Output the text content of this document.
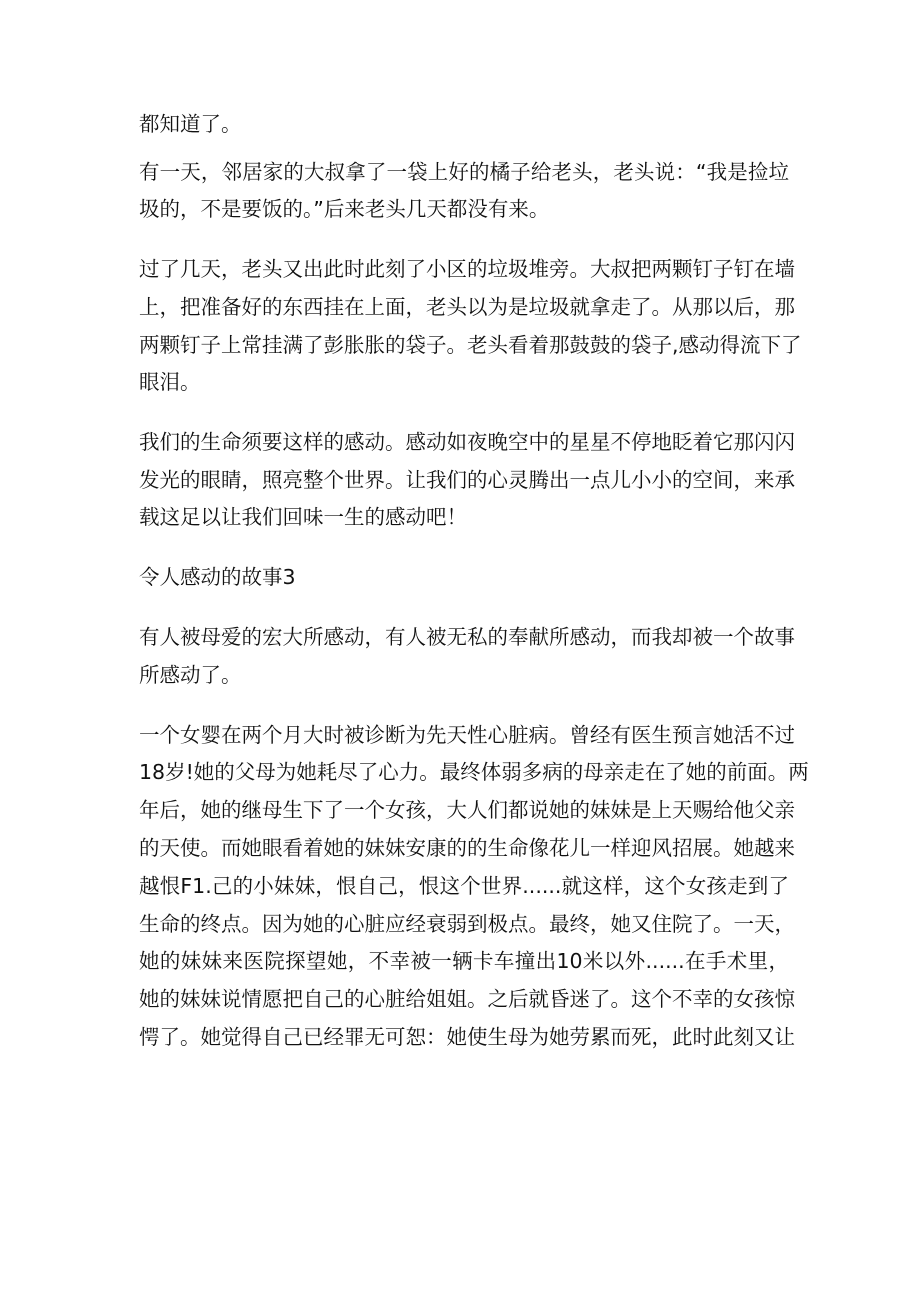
都知道了。
有一天，邻居家的大叔拿了一袋上好的橘子给老头，老头说：“我是捡垃
圾的，不是要饭的。”后来老头几天都没有来。
过了几天，老头又出此时此刻了小区的垃圾堆旁。大叔把两颗钉子钉在墙
上，把准备好的东西挂在上面，老头以为是垃圾就拿走了。从那以后，那
两颗钉子上常挂满了彭胀胀的袋子。老头看着那鼓鼓的袋子,感动得流下了
眼泪。
我们的生命须要这样的感动。感动如夜晚空中的星星不停地眨着它那闪闪
发光的眼睛，照亮整个世界。让我们的心灵腾出一点儿小小的空间，来承
载这足以让我们回味一生的感动吧！
令人感动的故事3
有人被母爱的宏大所感动，有人被无私的奉献所感动，而我却被一个故事
所感动了。
一个女婴在两个月大时被诊断为先天性心脏病。曾经有医生预言她活不过
18岁!她的父母为她耗尽了心力。最终体弱多病的母亲走在了她的前面。两
年后，她的继母生下了一个女孩，大人们都说她的妹妹是上天赐给他父亲
的天使。而她眼看着她的妹妹安康的的生命像花儿一样迎风招展。她越来
越恨F1.己的小妹妹，恨自己，恨这个世界......就这样，这个女孩走到了
生命的终点。因为她的心脏应经衰弱到极点。最终，她又住院了。一天，
她的妹妹来医院探望她，不幸被一辆卡车撞出10米以外......在手术里，
她的妹妹说情愿把自己的心脏给姐姐。之后就昏迷了。这个不幸的女孩惊
愕了。她觉得自己已经罪无可恕：她使生母为她劳累而死，此时此刻又让
